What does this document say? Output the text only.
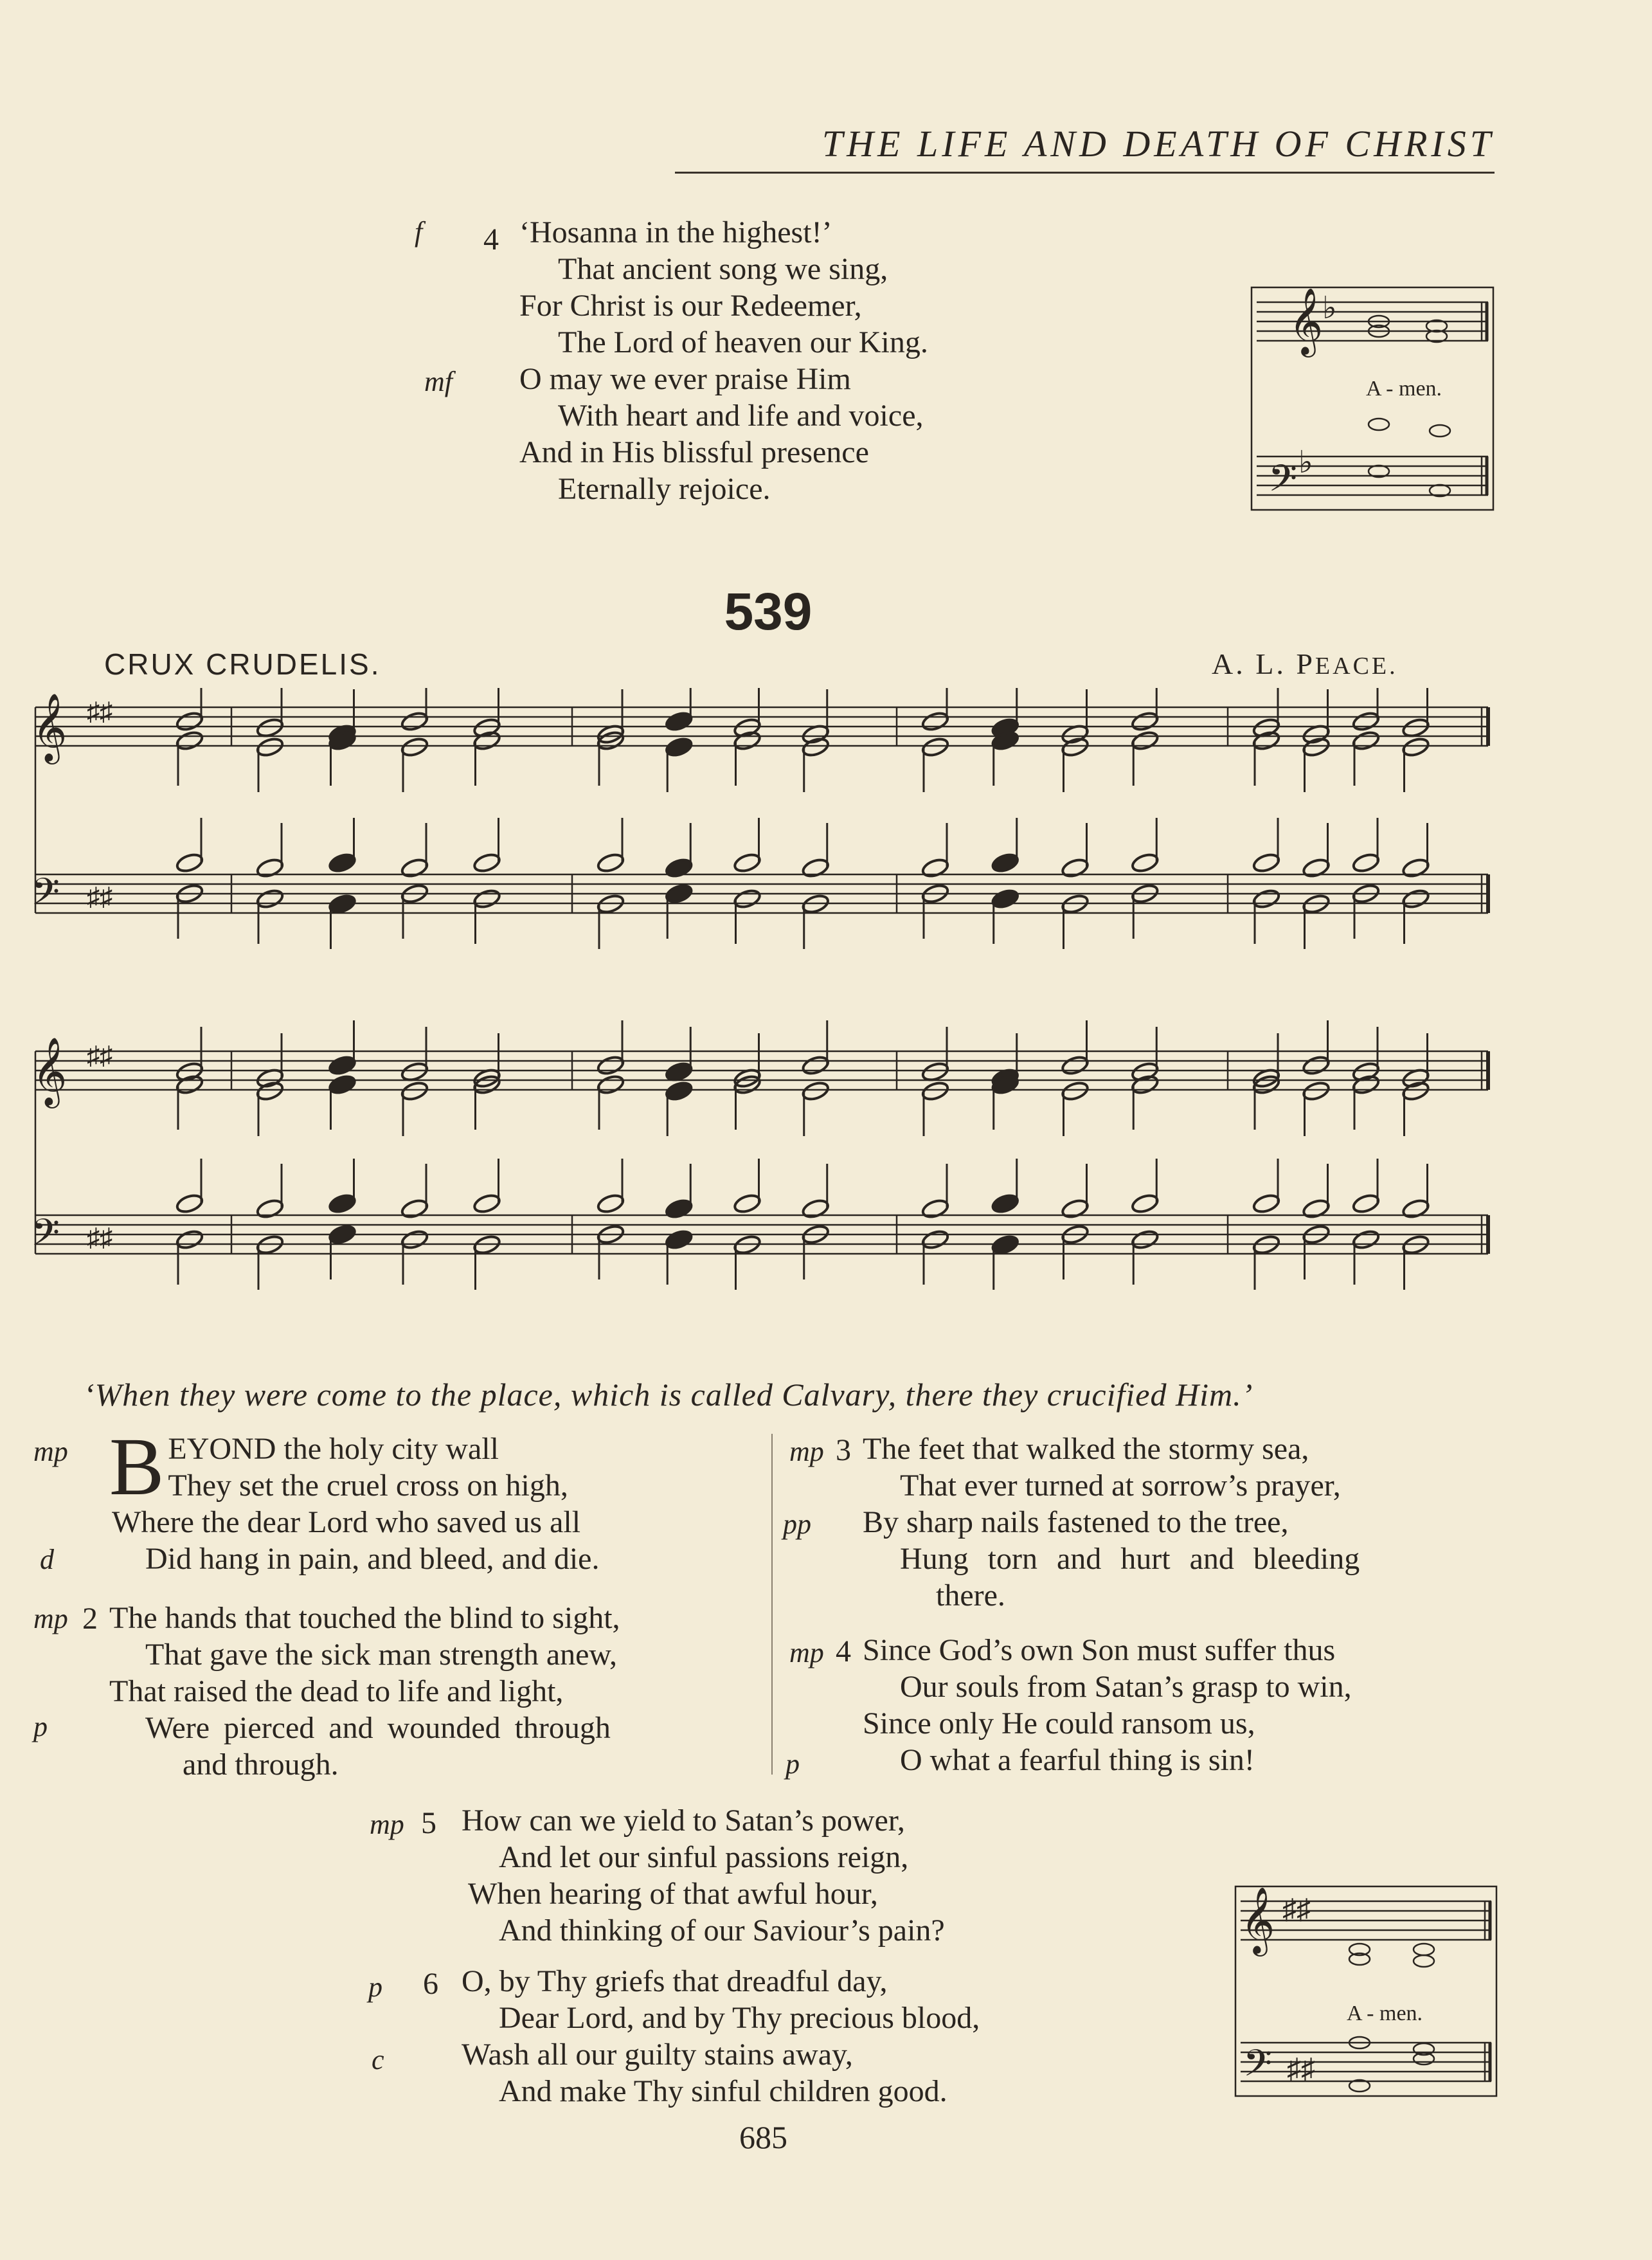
THE LIFE AND DEATH OF CHRIST
f 4
mf
‘Hosanna in the highest!’
That ancient song we sing,
For Christ is our Redeemer,
The Lord of heaven our King.
O may we ever praise Him
With heart and life and voice,
And in His blissful presence
Eternally rejoice.
𝄞
𝄢
♭
♭
A - men.
539
CRUX CRUDELIS.	A. L. PEACE.
𝄞 ♯♯
𝄢 ♯♯
𝄞 ♯♯
𝄢 ♯♯
‘When they were come to the place, which is called Calvary, there they crucified Him.’
mp
d
B EYOND the holy city wall
They set the cruel cross on high,
Where the dear Lord who saved us all
Did hang in pain, and bleed, and die.
mp 2
p
The hands that touched the blind to sight,
That gave the sick man strength anew,
That raised the dead to life and light,
Were pierced and wounded through
and through.
mp 3
pp
The feet that walked the stormy sea,
That ever turned at sorrow’s prayer,
By sharp nails fastened to the tree,
Hung torn and hurt and bleeding
there.
mp 4
p
Since God’s own Son must suffer thus
Our souls from Satan’s grasp to win,
Since only He could ransom us,
O what a fearful thing is sin!
mp 5 How can we yield to Satan’s power,
And let our sinful passions reign,
When hearing of that awful hour,
And thinking of our Saviour’s pain?
p 6
c
O, by Thy griefs that dreadful day,
Dear Lord, and by Thy precious blood,
Wash all our guilty stains away,
And make Thy sinful children good.
𝄞
𝄢
♯♯
♯♯
A - men.
685
